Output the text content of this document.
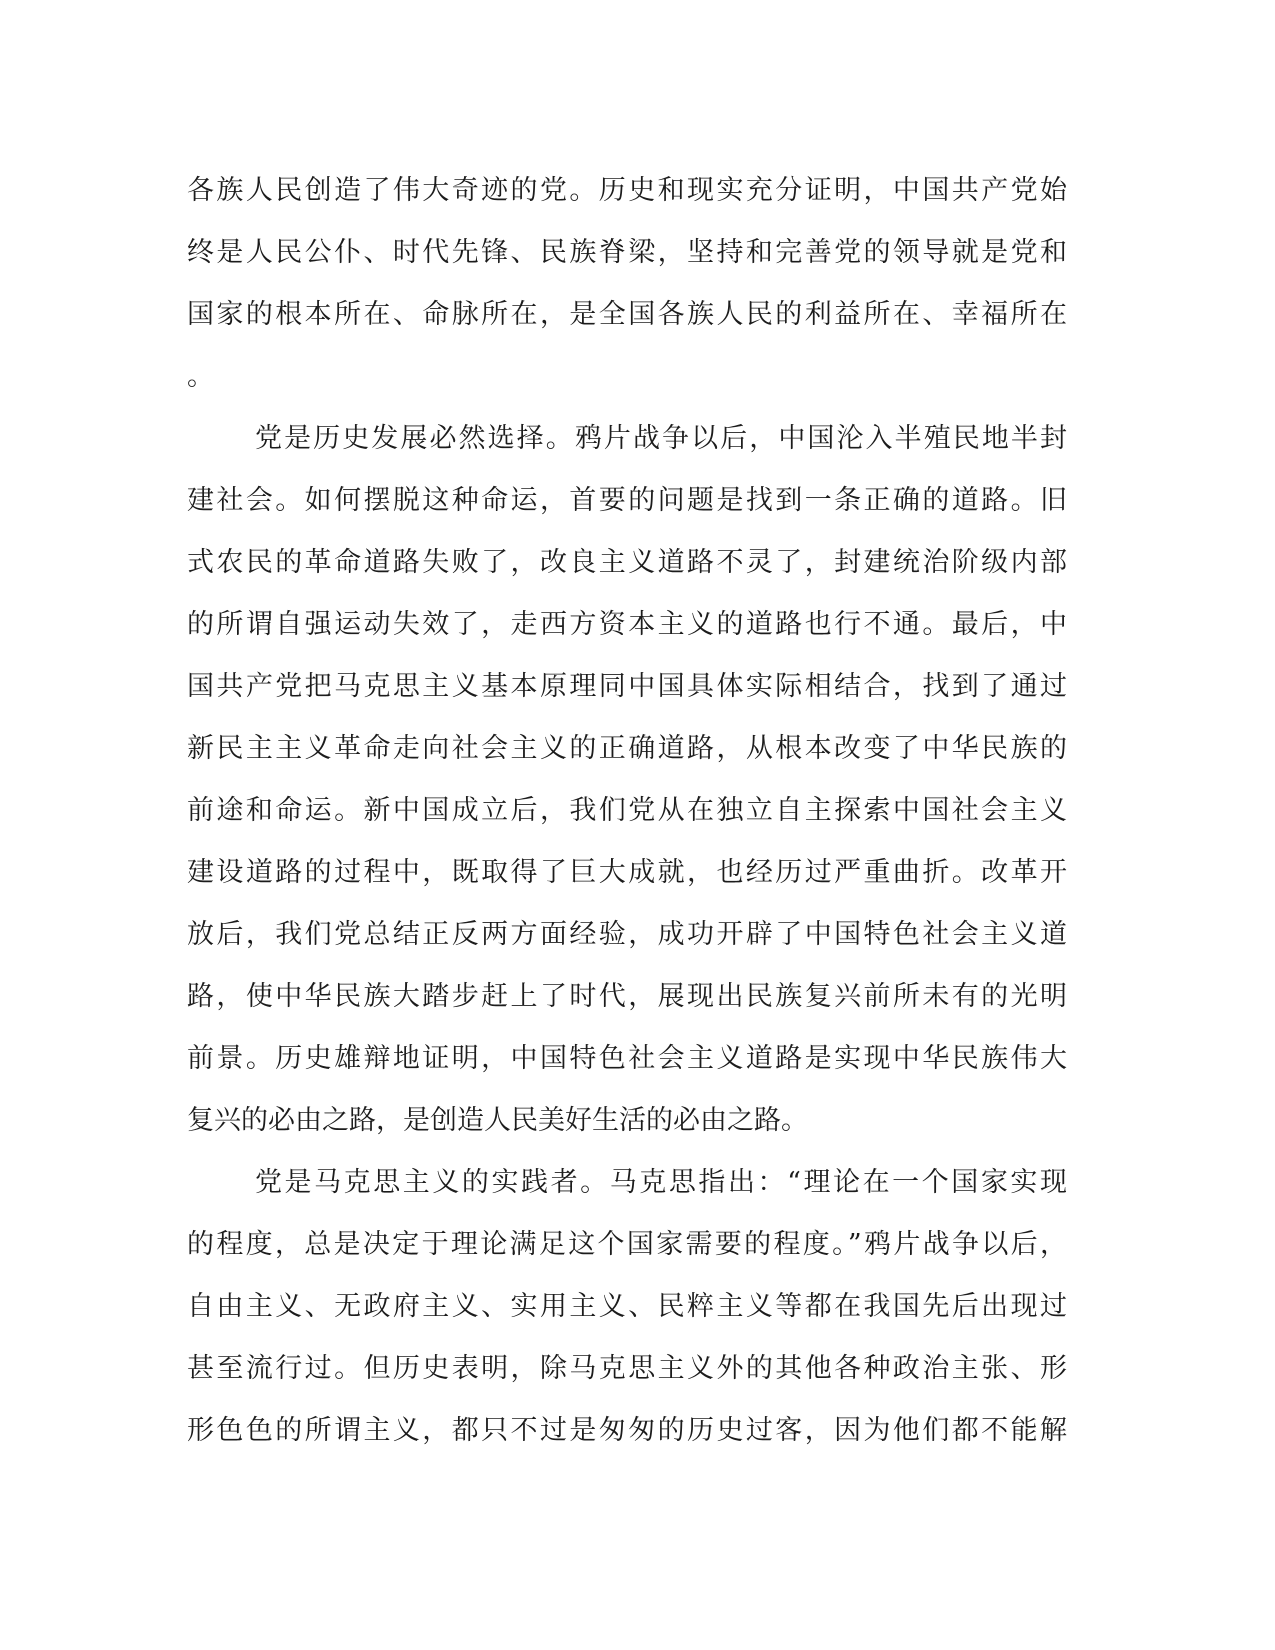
各族人民创造了伟大奇迹的党。历史和现实充分证明，中国共产党始
终是人民公仆、时代先锋、民族脊梁，坚持和完善党的领导就是党和
国家的根本所在、命脉所在，是全国各族人民的利益所在、幸福所在
。
党是历史发展必然选择。鸦片战争以后，中国沦入半殖民地半封
建社会。如何摆脱这种命运，首要的问题是找到一条正确的道路。旧
式农民的革命道路失败了，改良主义道路不灵了，封建统治阶级内部
的所谓自强运动失效了，走西方资本主义的道路也行不通。最后，中
国共产党把马克思主义基本原理同中国具体实际相结合，找到了通过
新民主主义革命走向社会主义的正确道路，从根本改变了中华民族的
前途和命运。新中国成立后，我们党从在独立自主探索中国社会主义
建设道路的过程中，既取得了巨大成就，也经历过严重曲折。改革开
放后，我们党总结正反两方面经验，成功开辟了中国特色社会主义道
路，使中华民族大踏步赶上了时代，展现出民族复兴前所未有的光明
前景。历史雄辩地证明，中国特色社会主义道路是实现中华民族伟大
复兴的必由之路，是创造人民美好生活的必由之路。
党是马克思主义的实践者。马克思指出：“理论在一个国家实现
的程度，总是决定于理论满足这个国家需要的程度。”鸦片战争以后，
自由主义、无政府主义、实用主义、民粹主义等都在我国先后出现过
甚至流行过。但历史表明，除马克思主义外的其他各种政治主张、形
形色色的所谓主义，都只不过是匆匆的历史过客，因为他们都不能解
